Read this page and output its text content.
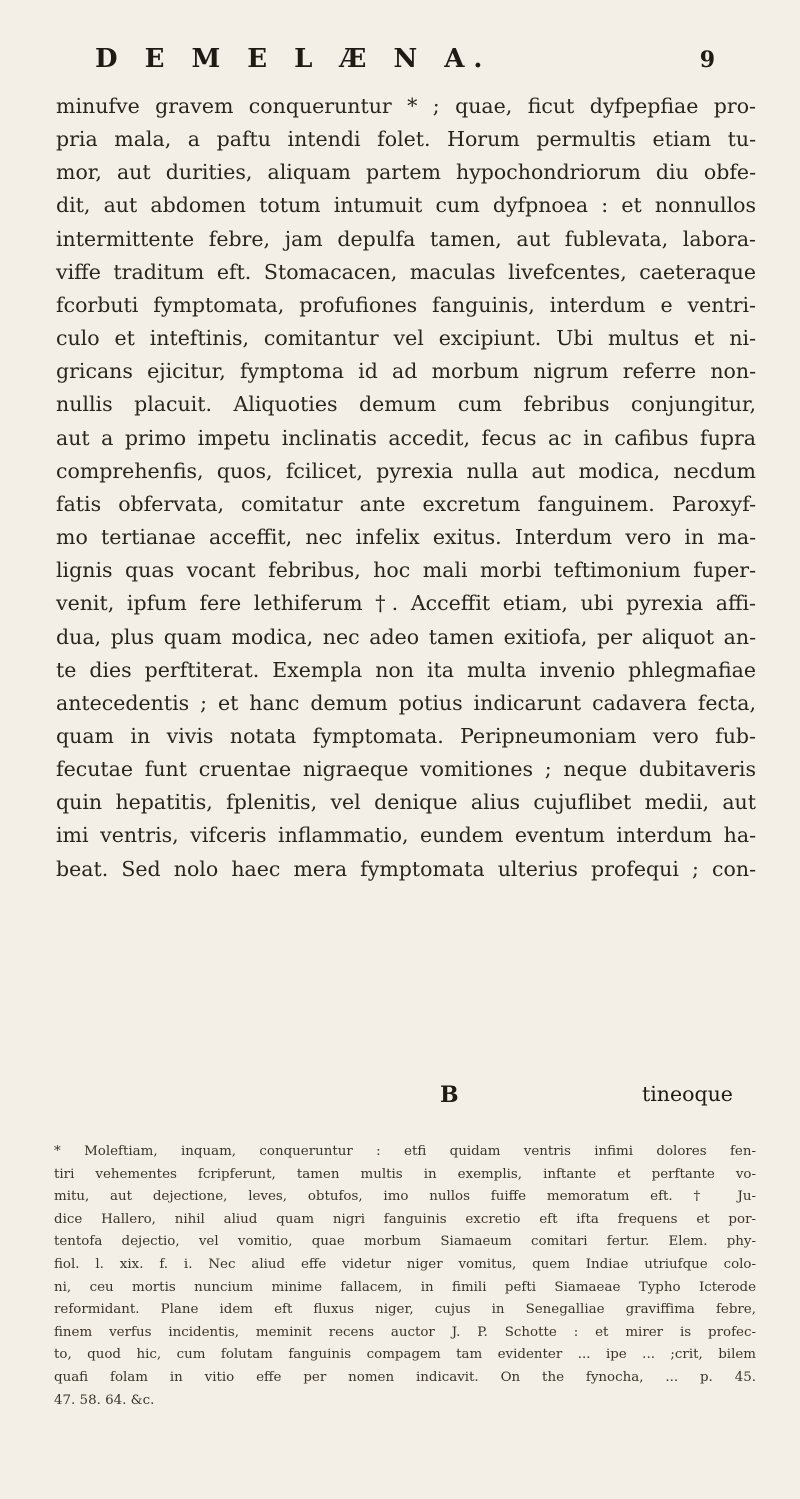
D E M E L Æ N A.	9

minufve gravem conqueruntur * ; quae, ficut dyfpepfiae pro-
pria mala, a paftu intendi folet. Horum permultis etiam tu-
mor, aut durities, aliquam partem hypochondriorum diu obfe-
dit, aut abdomen totum intumuit cum dyfpnoea : et nonnullos
intermittente febre, jam depulfa tamen, aut fublevata, labora-
viffe traditum eft. Stomacacen, maculas livefcentes, caeteraque
fcorbuti fymptomata, profufiones fanguinis, interdum e ventri-
culo et inteftinis, comitantur vel excipiunt. Ubi multus et ni-
gricans ejicitur, fymptoma id ad morbum nigrum referre non-
nullis placuit. Aliquoties demum cum febribus conjungitur,
aut a primo impetu inclinatis accedit, fecus ac in cafibus fupra
comprehenfis, quos, fcilicet, pyrexia nulla aut modica, necdum
fatis obfervata, comitatur ante excretum fanguinem. Paroxyf-
mo tertianae acceffit, nec infelix exitus. Interdum vero in ma-
lignis quas vocant febribus, hoc mali morbi teftimonium fuper-
venit, ipfum fere lethiferum †. Acceffit etiam, ubi pyrexia affi-
dua, plus quam modica, nec adeo tamen exitiofa, per aliquot an-
te dies perftiterat. Exempla non ita multa invenio phlegmafiae
antecedentis ; et hanc demum potius indicarunt cadavera fecta,
quam in vivis notata fymptomata. Peripneumoniam vero fub-
fecutae funt cruentae nigraeque vomitiones ; neque dubitaveris
quin hepatitis, fplenitis, vel denique alius cujuflibet medii, aut
imi ventris, vifceris inflammatio, eundem eventum interdum ha-
beat. Sed nolo haec mera fymptomata ulterius profequi ; con-

B	tineoque

* Moleftiam, inquam, conqueruntur : etfi quidam ventris infimi dolores fen-
tiri vehementes fcripferunt, tamen multis in exemplis, inftante et perftante vo-
mitu, aut dejectione, leves, obtufos, imo nullos fuiffe memoratum eft. † Ju-
dice Hallero, nihil aliud quam nigri fanguinis excretio eft ifta frequens et por-
tentofa dejectio, vel vomitio, quae morbum Siamaeum comitari fertur. Elem. phy-
fiol. l. xix. f. i. Nec aliud effe videtur niger vomitus, quem Indiae utriufque colo-
ni, ceu mortis nuncium minime fallacem, in fimili pefti Siamaeae Typho Icterode
reformidant. Plane idem eft fluxus niger, cujus in Senegalliae graviffima febre,
finem verfus incidentis, meminit recens auctor J. P. Schotte : et mirer is profec-
to, quod hic, cum folutam fanguinis compagem tam evidenter ... ipe ... ;crit, bilem
quafi folam in vitio effe per nomen indicavit. On the fynocha, ... p. 45.
47. 58. 64. &c.
